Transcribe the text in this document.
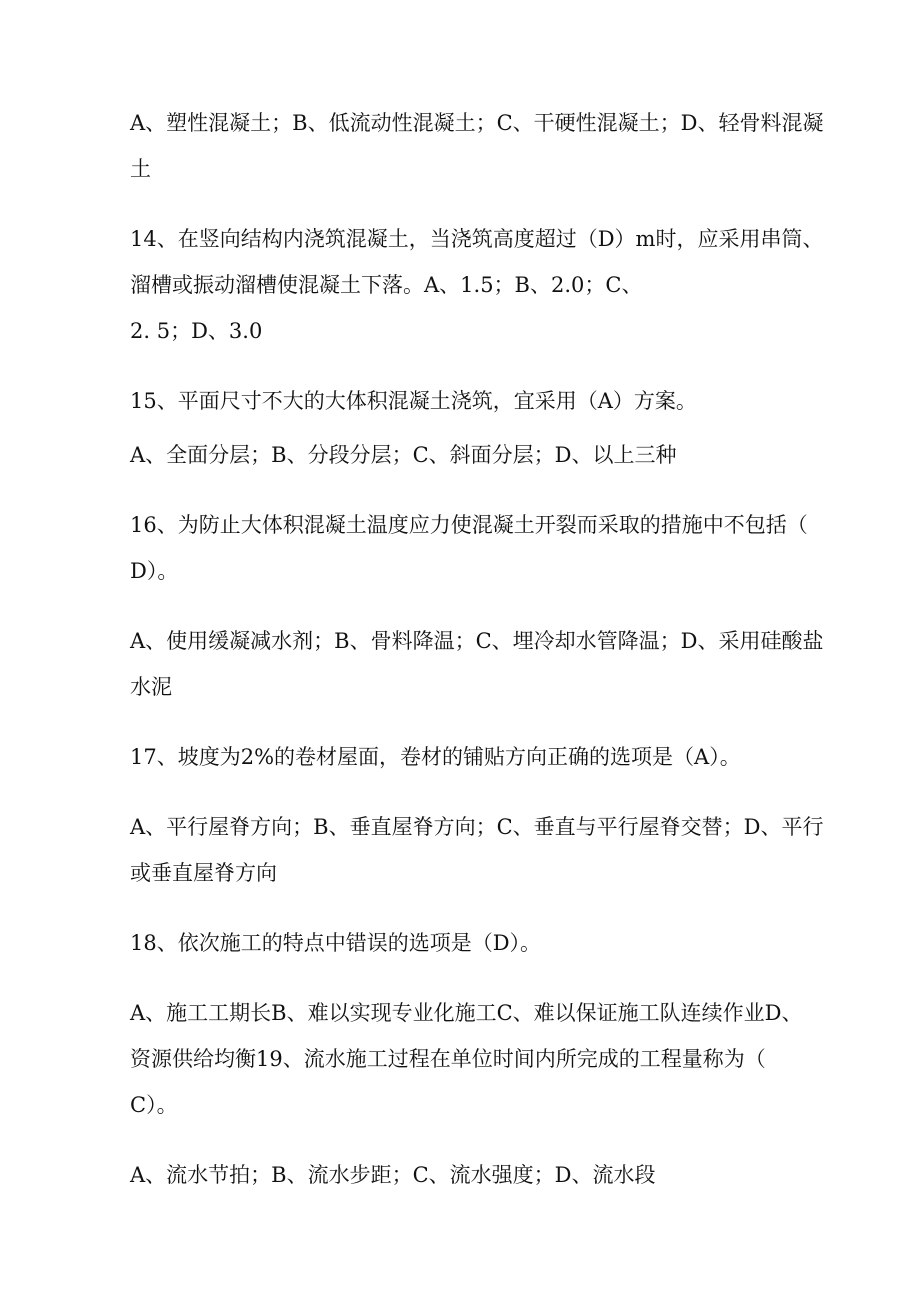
A、塑性混凝土；B、低流动性混凝土；C、干硬性混凝土；D、轻骨料混凝
土

14、在竖向结构内浇筑混凝土，当浇筑高度超过（D）m时，应采用串筒、
溜槽或振动溜槽使混凝土下落。A、1.5；B、2.0；C、
2. 5；D、3.0

15、平面尺寸不大的大体积混凝土浇筑，宜采用（A）方案。

A、全面分层；B、分段分层；C、斜面分层；D、以上三种

16、为防止大体积混凝土温度应力使混凝土开裂而采取的措施中不包括（
D）。

A、使用缓凝减水剂；B、骨料降温；C、埋冷却水管降温；D、采用硅酸盐
水泥

17、坡度为2%的卷材屋面，卷材的铺贴方向正确的选项是（A）。

A、平行屋脊方向；B、垂直屋脊方向；C、垂直与平行屋脊交替；D、平行
或垂直屋脊方向

18、依次施工的特点中错误的选项是（D）。

A、施工工期长B、难以实现专业化施工C、难以保证施工队连续作业D、
资源供给均衡19、流水施工过程在单位时间内所完成的工程量称为（
C）。

A、流水节拍；B、流水步距；C、流水强度；D、流水段
